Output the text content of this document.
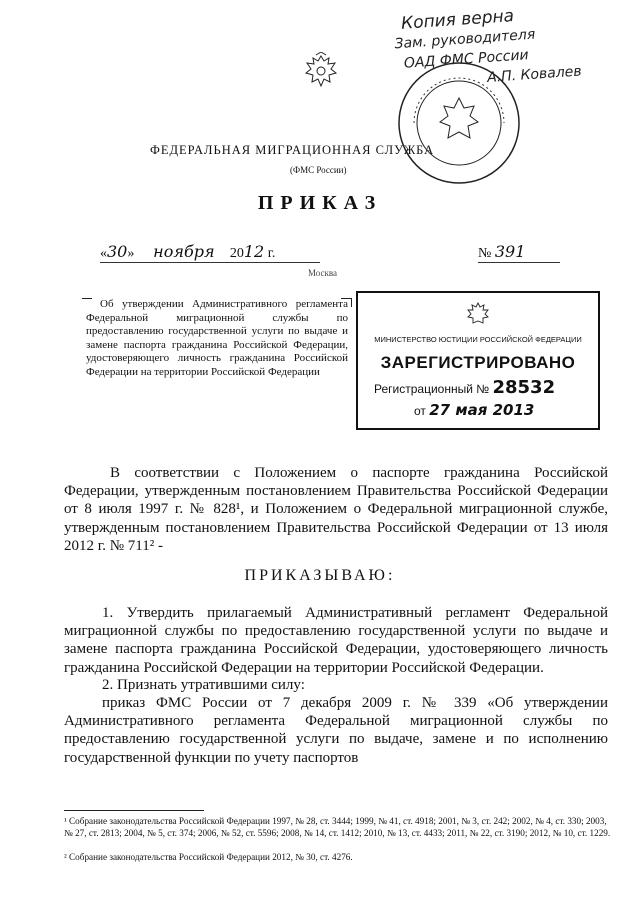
ФЕДЕРАЛЬНАЯ МИГРАЦИОННАЯ СЛУЖБА
(ФМС России)
Копия верна
Зам. руководителя
ОАД ФМС России
А.П. Ковалев
ПРИКАЗ
«30» ноября 2012 г.	№ 391
Москва
Об утверждении Административного регламента Федеральной миграционной службы по предоставлению государственной услуги по выдаче и замене паспорта гражданина Российской Федерации, удостоверяющего личность гражданина Российской Федерации на территории Российской Федерации
МИНИСТЕРСТВО ЮСТИЦИИ РОССИЙСКОЙ ФЕДЕРАЦИИ
ЗАРЕГИСТРИРОВАНО
Регистрационный № 28532
от 27 мая 2013
В соответствии с Положением о паспорте гражданина Российской Федерации, утвержденным постановлением Правительства Российской Федерации от 8 июля 1997 г. № 828¹, и Положением о Федеральной миграционной службе, утвержденным постановлением Правительства Российской Федерации от 13 июля 2012 г. № 711² -
ПРИКАЗЫВАЮ:
1. Утвердить прилагаемый Административный регламент Федеральной миграционной службы по предоставлению государственной услуги по выдаче и замене паспорта гражданина Российской Федерации, удостоверяющего личность гражданина Российской Федерации на территории Российской Федерации.
2. Признать утратившими силу:
приказ ФМС России от 7 декабря 2009 г. № 339 «Об утверждении Административного регламента Федеральной миграционной службы по предоставлению государственной услуги по выдаче, замене и по исполнению государственной функции по учету паспортов
¹ Собрание законодательства Российской Федерации 1997, № 28, ст. 3444; 1999, № 41, ст. 4918; 2001, № 3, ст. 242; 2002, № 4, ст. 330; 2003, № 27, ст. 2813; 2004, № 5, ст. 374; 2006, № 52, ст. 5596; 2008, № 14, ст. 1412; 2010, № 13, ст. 4433; 2011, № 22, ст. 3190; 2012, № 10, ст. 1229.
² Собрание законодательства Российской Федерации 2012, № 30, ст. 4276.
